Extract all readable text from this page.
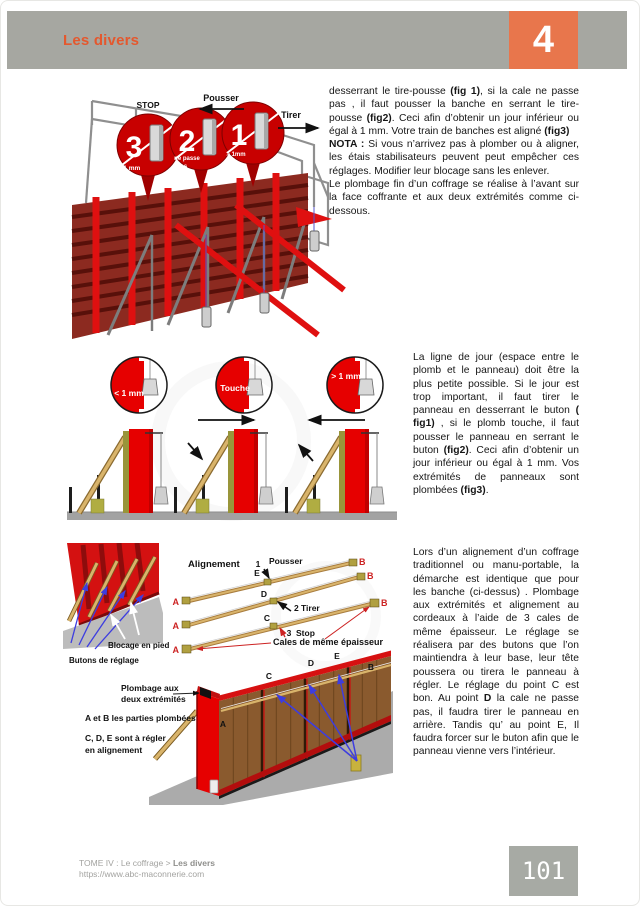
Les divers	4
3
< 1 mm
2
ne passe
pas
1
> 1mm
STOP
Pousser
Tirer
< 1 mm	Touche
> 1 mm
Blocage en pied
Butons de réglage
Alignement
A
A
A
B
B
B
E
1 Pousser
D
2 Tirer
C
3 Stop
Cales de même épaisseur
A
C
D
E
B
Plombage aux
deux extrémités
A et B les parties plombées
C, D, E sont à régler
en alignement
desserrant le tire-pousse (fig 1), si la cale ne passe pas , il faut pousser la banche en serrant le tire-pousse (fig2). Ceci afin d’obtenir un jour inférieur ou égal à 1 mm. Votre train de banches est aligné (fig3)
NOTA : Si vous n’arrivez pas à plomber ou à aligner, les étais stabilisateurs peuvent peut empêcher ces réglages. Modifier leur blocage sans les enlever.
Le plombage fin d’un coffrage se réalise à l’avant sur la face coffrante et aux deux extrémités comme ci-dessous.
La ligne de jour (espace entre le plomb et le panneau) doit être la plus petite possible. Si le jour est trop important, il faut tirer le panneau en desserrant le buton ( fig1) , si le plomb touche, il faut pousser le panneau en serrant le buton (fig2). Ceci afin d’obtenir un jour inférieur ou égal à 1 mm. Vos extrémités de panneaux sont plombées (fig3).
Lors d’un alignement d’un coffrage traditionnel ou manu-portable, la démarche est identique que pour les banche (ci-dessus) . Plombage aux extrémités et alignement au cordeaux à l’aide de 3 cales de même épaisseur. Le réglage se réalisera par des butons que l’on maintiendra à leur base, leur tête poussera ou tirera le panneau à régler. Le réglage du point C est bon. Au point D la cale ne passe pas, il faudra tirer le panneau en arrière. Tandis qu’ au point E, Il faudra forcer sur le buton afin que le panneau vienne vers l’intérieur.
TOME IV : Le coffrage > Les divers
https://www.abc-maconnerie.com	101
